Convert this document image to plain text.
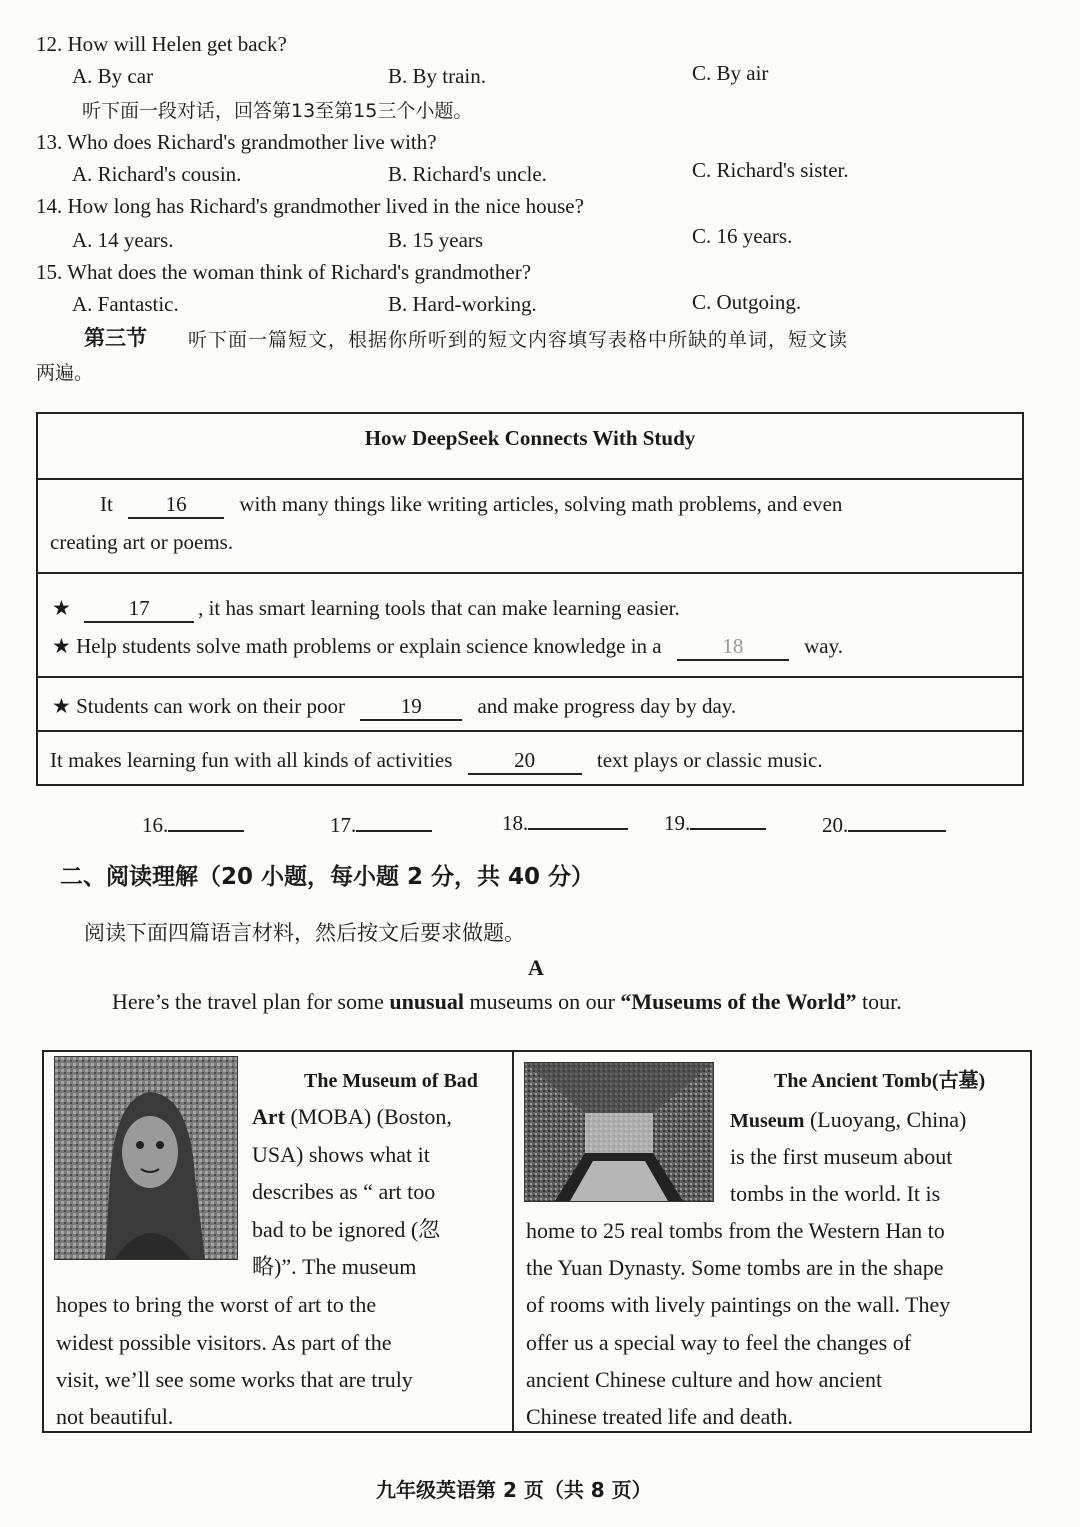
12. How will Helen get back?
A. By car	B. By train.	C. By air
听下面一段对话，回答第13至第15三个小题。
13. Who does Richard's grandmother live with?
A. Richard's cousin.	B. Richard's uncle.	C. Richard's sister.
14. How long has Richard's grandmother lived in the nice house?
A. 14 years.	B. 15 years	C. 16 years.
15. What does the woman think of Richard's grandmother?
A. Fantastic.	B. Hard-working.	C. Outgoing.
第三节 听下面一篇短文，根据你所听到的短文内容填写表格中所缺的单词，短文读
两遍。
How DeepSeek Connects With Study
It	16	with many things like writing articles, solving math problems, and even
creating art or poems.
★	17 , it has smart learning tools that can make learning easier.
★ Help students solve math problems or explain science knowledge in a	18	way.
★ Students can work on their poor	19	and make progress day by day.
It makes learning fun with all kinds of activities	20	text plays or classic music.
16.	17.	18.	19.	20.
二、阅读理解（20 小题，每小题 2 分，共 40 分）
阅读下面四篇语言材料，然后按文后要求做题。
A
Here’s the travel plan for some unusual museums on our “Museums of the World” tour.
The Museum of Bad
Art (MOBA) (Boston,
USA) shows what it
describes as “ art too
bad to be ignored (忽
略)”. The museum
hopes to bring the worst of art to the
widest possible visitors. As part of the
visit, we’ll see some works that are truly
not beautiful.
The Ancient Tomb(古墓)
Museum (Luoyang, China)
is the first museum about
tombs in the world. It is
home to 25 real tombs from the Western Han to
the Yuan Dynasty. Some tombs are in the shape
of rooms with lively paintings on the wall. They
offer us a special way to feel the changes of
ancient Chinese culture and how ancient
Chinese treated life and death.
九年级英语第 2 页（共 8 页）
